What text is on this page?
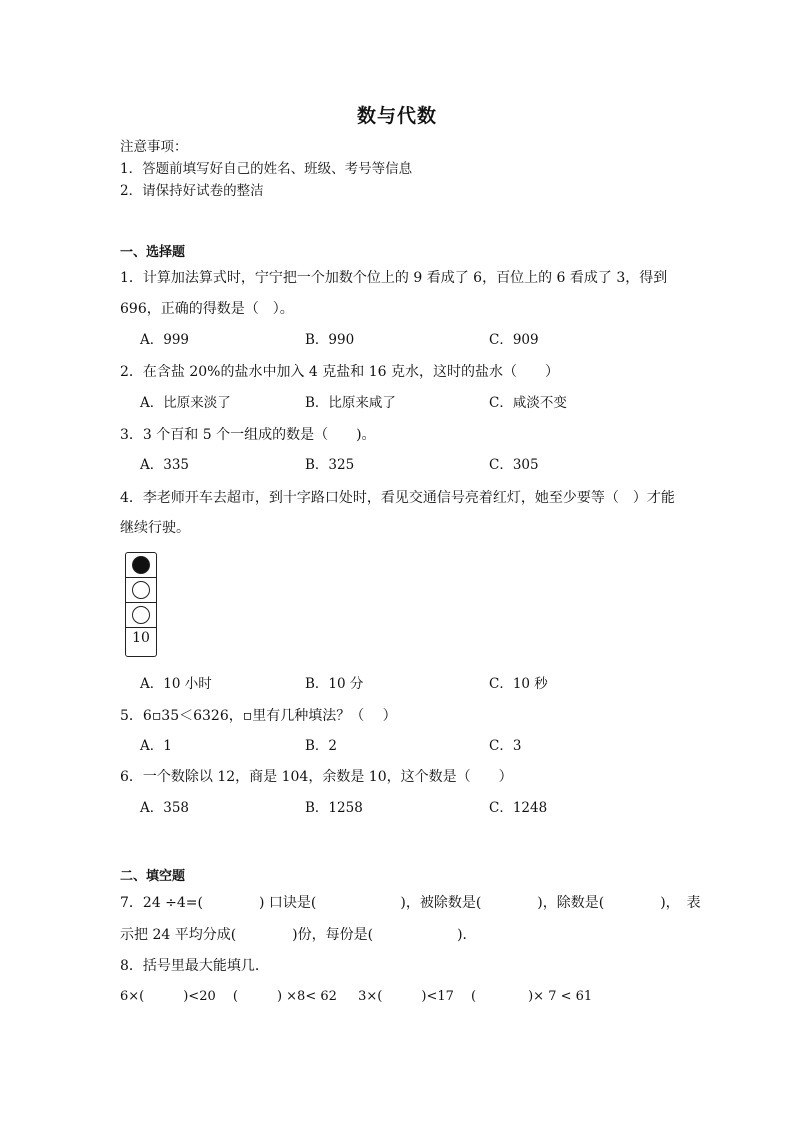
数与代数
注意事项：
1．答题前填写好自己的姓名、班级、考号等信息
2．请保持好试卷的整洁
一、选择题
1．计算加法算式时，宁宁把一个加数个位上的 9 看成了 6，百位上的 6 看成了 3，得到
696，正确的得数是（　）。
A．999	B．990	C．909
2．在含盐 20%的盐水中加入 4 克盐和 16 克水，这时的盐水（　　）
A．比原来淡了	B．比原来咸了	C．咸淡不变
3．3 个百和 5 个一组成的数是（　　)。
A．335	B．325	C．305
4．李老师开车去超市，到十字路口处时，看见交通信号亮着红灯，她至少要等（　）才能
继续行驶。
10
A．10 小时	B．10 分	C．10 秒
5．6▫35＜6326，▫里有几种填法？（　 ）
A．1	B．2	C．3
6．一个数除以 12，商是 104，余数是 10，这个数是（　　）
A．358	B．1258	C．1248
二、填空题
7．24 ÷4=(　　　　) 口诀是(　　　　　　)，被除数是(　　　　)，除数是(　　　　)，　表
示把 24 平均分成(　　　　)份，每份是(　　　　　　)．
8．括号里最大能填几．
6×(　　　)<20　 (　　　) ×8< 62 　 3×(　　　)<17 　(　　　　)× 7 < 61
